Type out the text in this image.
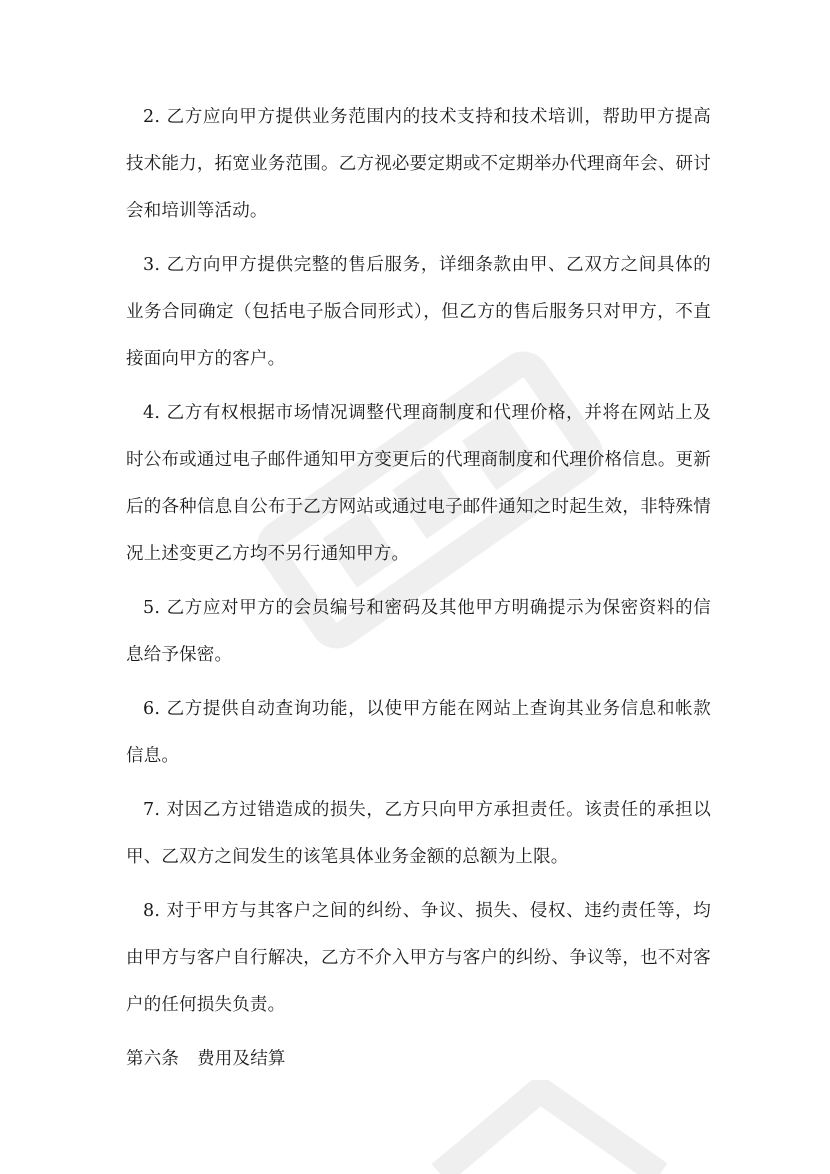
2. 乙方应向甲方提供业务范围内的技术支持和技术培训，帮助甲方提高技术能力，拓宽业务范围。乙方视必要定期或不定期举办代理商年会、研讨会和培训等活动。

3. 乙方向甲方提供完整的售后服务，详细条款由甲、乙双方之间具体的业务合同确定（包括电子版合同形式），但乙方的售后服务只对甲方，不直接面向甲方的客户。

4. 乙方有权根据市场情况调整代理商制度和代理价格，并将在网站上及时公布或通过电子邮件通知甲方变更后的代理商制度和代理价格信息。更新后的各种信息自公布于乙方网站或通过电子邮件通知之时起生效，非特殊情况上述变更乙方均不另行通知甲方。

5. 乙方应对甲方的会员编号和密码及其他甲方明确提示为保密资料的信息给予保密。

6. 乙方提供自动查询功能，以使甲方能在网站上查询其业务信息和帐款信息。

7. 对因乙方过错造成的损失，乙方只向甲方承担责任。该责任的承担以甲、乙双方之间发生的该笔具体业务金额的总额为上限。

8. 对于甲方与其客户之间的纠纷、争议、损失、侵权、违约责任等，均由甲方与客户自行解决，乙方不介入甲方与客户的纠纷、争议等，也不对客户的任何损失负责。

第六条 费用及结算
